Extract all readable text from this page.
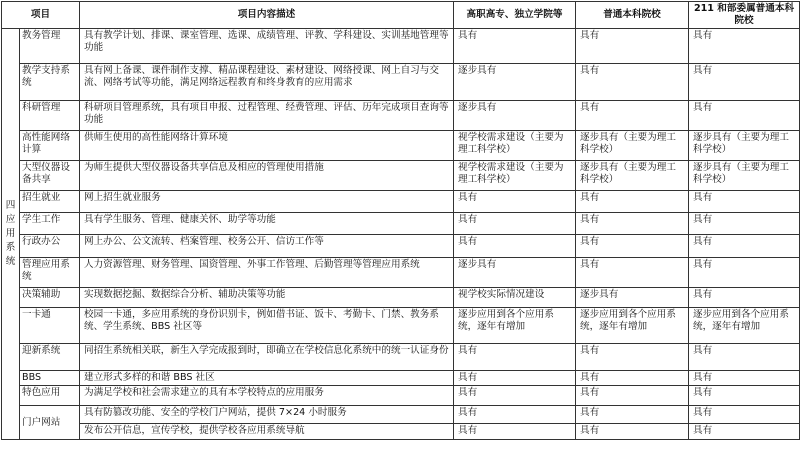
项目		项目内容描述	高职高专、独立学院等	普通本科院校	211 和部委属普通本科院校
四 应用系统	教务管理	具有教学计划、排课、课室管理、选课、成绩管理、评教、学科建设、实训基地管理等功能	具有	具有	具有
	教学支持系统	具有网上备课、课件制作支撑、精品课程建设、素材建设、网络授课、网上自习与交流、网络考试等功能，满足网络远程教育和终身教育的应用需求	逐步具有	具有	具有
	科研管理	科研项目管理系统，具有项目申报、过程管理、经费管理、评估、历年完成项目查询等功能	逐步具有	具有	具有
	高性能网络计算	供师生使用的高性能网络计算环境	视学校需求建设（主要为理工科学校）	逐步具有（主要为理工科学校）	逐步具有（主要为理工科学校）
	大型仪器设备共享	为师生提供大型仪器设备共享信息及相应的管理使用措施	视学校需求建设（主要为理工科学校）	逐步具有（主要为理工科学校）	逐步具有（主要为理工科学校）
	招生就业	网上招生就业服务	具有	具有	具有
	学生工作	具有学生服务、管理、健康关怀、助学等功能	具有	具有	具有
	行政办公	网上办公、公文流转、档案管理、校务公开、信访工作等	具有	具有	具有
	管理应用系统	人力资源管理、财务管理、国资管理、外事工作管理、后勤管理等管理应用系统	逐步具有	具有	具有
	决策辅助	实现数据挖掘、数据综合分析、辅助决策等功能	视学校实际情况建设	逐步具有	具有
	一卡通	校园一卡通，多应用系统的身份识别卡，例如借书证、饭卡、考勤卡、门禁、教务系统、学生系统、BBS 社区等	逐步应用到各个应用系统，逐年有增加	逐步应用到各个应用系统，逐年有增加	逐步应用到各个应用系统，逐年有增加
	迎新系统	同招生系统相关联，新生入学完成报到时，即确立在学校信息化系统中的统一认证身份	具有	具有	具有
	BBS	建立形式多样的和谐 BBS 社区	具有	具有	具有
	特色应用	为满足学校和社会需求建立的具有本学校特点的应用服务	具有	具有	具有
	门户网站	具有防篡改功能、安全的学校门户网站，提供 7×24 小时服务	具有	具有	具有
		发布公开信息，宣传学校，提供学校各应用系统导航	具有	具有	具有
